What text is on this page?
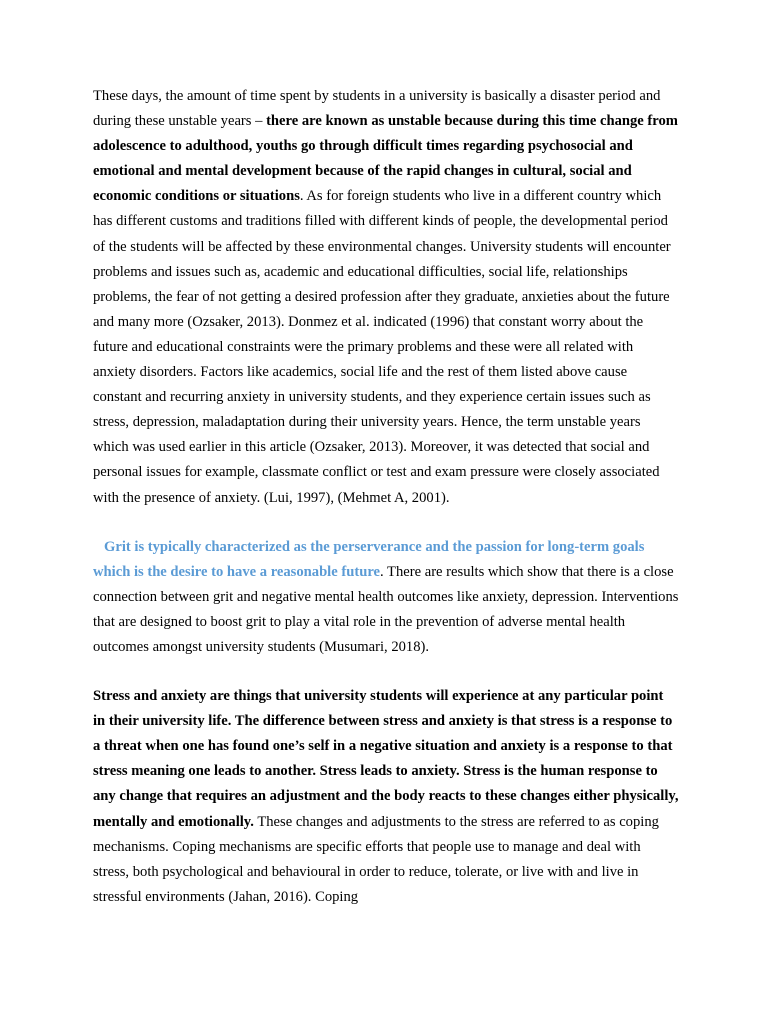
These days, the amount of time spent by students in a university is basically a disaster period and during these unstable years – there are known as unstable because during this time change from adolescence to adulthood, youths go through difficult times regarding psychosocial and emotional and mental development because of the rapid changes in cultural, social and economic conditions or situations. As for foreign students who live in a different country which has different customs and traditions filled with different kinds of people, the developmental period of the students will be affected by these environmental changes. University students will encounter problems and issues such as, academic and educational difficulties, social life, relationships problems, the fear of not getting a desired profession after they graduate, anxieties about the future and many more (Ozsaker, 2013). Donmez et al. indicated (1996) that constant worry about the future and educational constraints were the primary problems and these were all related with anxiety disorders. Factors like academics, social life and the rest of them listed above cause constant and recurring anxiety in university students, and they experience certain issues such as stress, depression, maladaptation during their university years. Hence, the term unstable years which was used earlier in this article (Ozsaker, 2013). Moreover, it was detected that social and personal issues for example, classmate conflict or test and exam pressure were closely associated with the presence of anxiety. (Lui, 1997), (Mehmet A, 2001).

Grit is typically characterized as the perserverance and the passion for long-term goals which is the desire to have a reasonable future. There are results which show that there is a close connection between grit and negative mental health outcomes like anxiety, depression. Interventions that are designed to boost grit to play a vital role in the prevention of adverse mental health outcomes amongst university students (Musumari, 2018).

Stress and anxiety are things that university students will experience at any particular point in their university life. The difference between stress and anxiety is that stress is a response to a threat when one has found one’s self in a negative situation and anxiety is a response to that stress meaning one leads to another. Stress leads to anxiety. Stress is the human response to any change that requires an adjustment and the body reacts to these changes either physically, mentally and emotionally. These changes and adjustments to the stress are referred to as coping mechanisms. Coping mechanisms are specific efforts that people use to manage and deal with stress, both psychological and behavioural in order to reduce, tolerate, or live with and live in stressful environments (Jahan, 2016). Coping
